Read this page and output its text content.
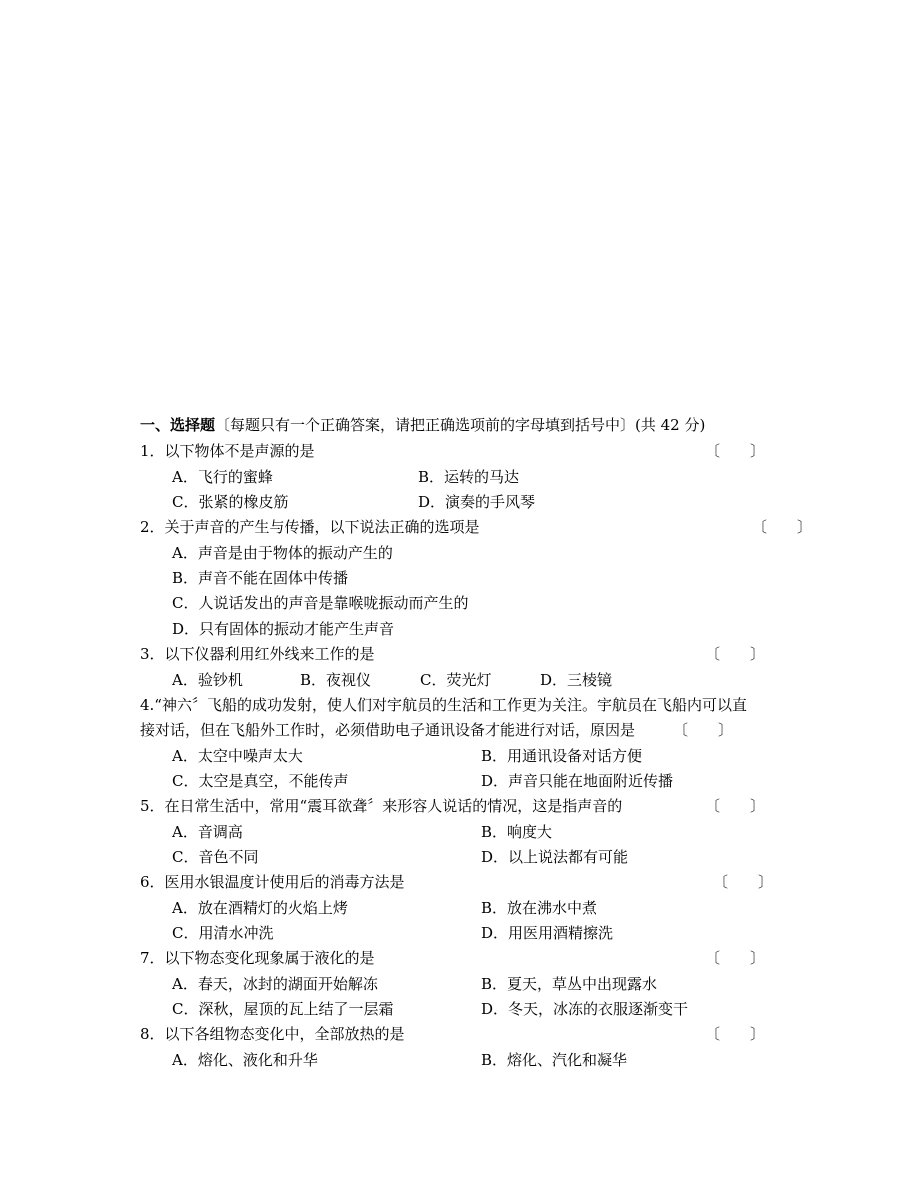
一、选择题〔每题只有一个正确答案，请把正确选项前的字母填到括号中〕(共 42 分)
1．以下物体不是声源的是	〔　　〕
A．飞行的蜜蜂	B．运转的马达
C．张紧的橡皮筋	D．演奏的手风琴
2．关于声音的产生与传播，以下说法正确的选项是	〔　　〕
A．声音是由于物体的振动产生的
B．声音不能在固体中传播
C．人说话发出的声音是靠喉咙振动而产生的
D．只有固体的振动才能产生声音
3．以下仪器利用红外线来工作的是	〔　　〕
A．验钞机	B．夜视仪	C．荧光灯	D．三棱镜
4.“神六〞飞船的成功发射，使人们对宇航员的生活和工作更为关注。宇航员在飞船内可以直
接对话，但在飞船外工作时，必须借助电子通讯设备才能进行对话，原因是	〔　　〕
A．太空中噪声太大	B．用通讯设备对话方便
C．太空是真空，不能传声	D．声音只能在地面附近传播
5．在日常生活中，常用“震耳欲聋〞来形容人说话的情况，这是指声音的	〔　　〕
A．音调高	B．响度大
C．音色不同	D．以上说法都有可能
6．医用水银温度计使用后的消毒方法是	〔　　〕
A．放在酒精灯的火焰上烤	B．放在沸水中煮
C．用清水冲洗	D．用医用酒精擦洗
7．以下物态变化现象属于液化的是	〔　　〕
A．春天，冰封的湖面开始解冻	B．夏天，草丛中出现露水
C．深秋，屋顶的瓦上结了一层霜	D．冬天，冰冻的衣服逐渐变干
8．以下各组物态变化中，全部放热的是	〔　　〕
A．熔化、液化和升华	B．熔化、汽化和凝华
